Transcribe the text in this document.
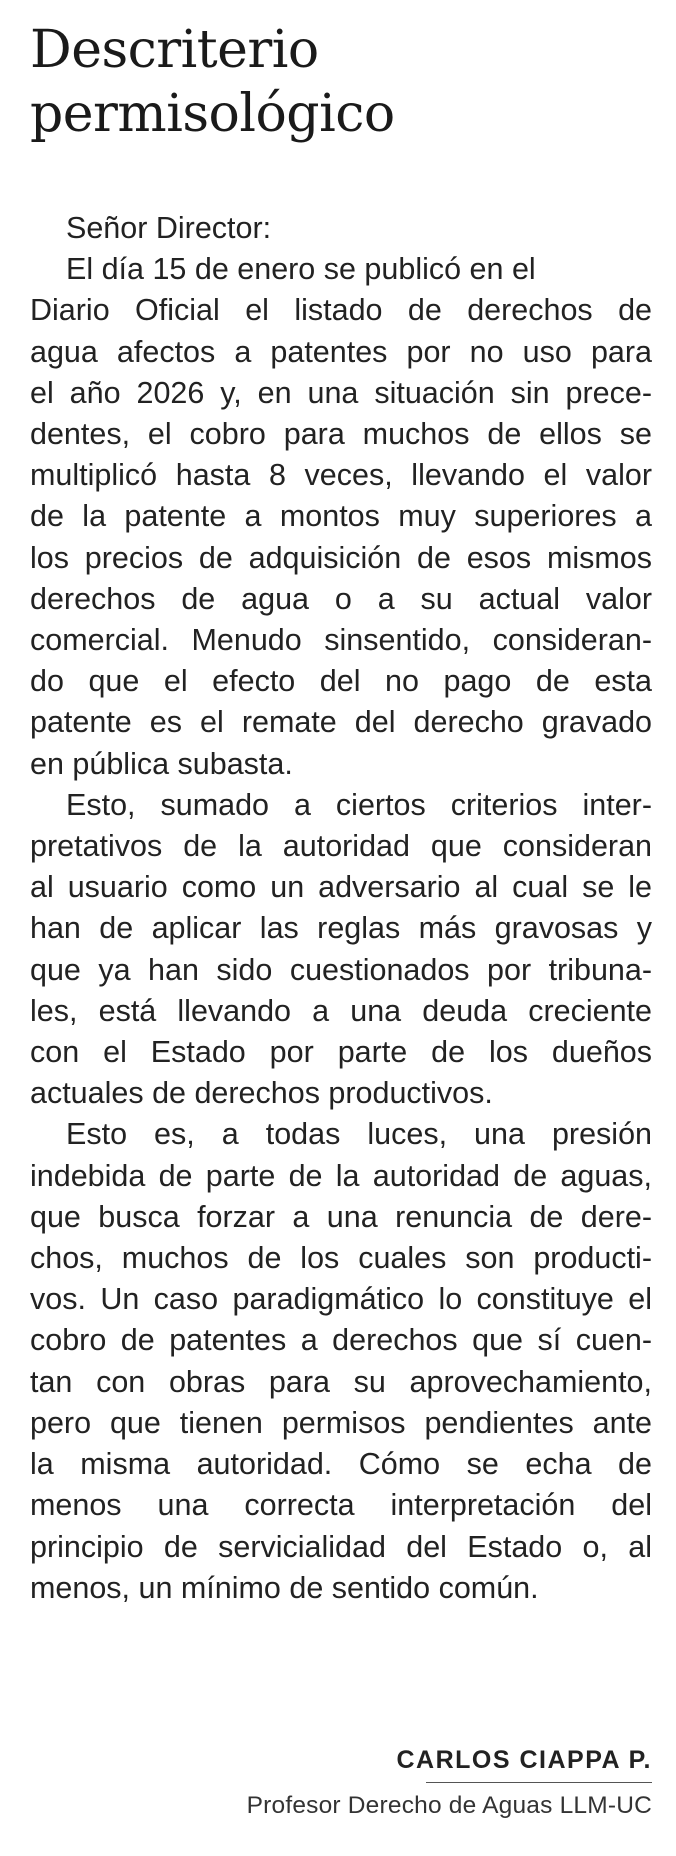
Descriterio
permisológico
Señor Director:
El día 15 de enero se publicó en el
Diario Oficial el listado de derechos de
agua afectos a patentes por no uso para
el año 2026 y, en una situación sin prece-
dentes, el cobro para muchos de ellos se
multiplicó hasta 8 veces, llevando el valor
de la patente a montos muy superiores a
los precios de adquisición de esos mismos
derechos de agua o a su actual valor
comercial. Menudo sinsentido, consideran-
do que el efecto del no pago de esta
patente es el remate del derecho gravado
en pública subasta.
Esto, sumado a ciertos criterios inter-
pretativos de la autoridad que consideran
al usuario como un adversario al cual se le
han de aplicar las reglas más gravosas y
que ya han sido cuestionados por tribuna-
les, está llevando a una deuda creciente
con el Estado por parte de los dueños
actuales de derechos productivos.
Esto es, a todas luces, una presión
indebida de parte de la autoridad de aguas,
que busca forzar a una renuncia de dere-
chos, muchos de los cuales son producti-
vos. Un caso paradigmático lo constituye el
cobro de patentes a derechos que sí cuen-
tan con obras para su aprovechamiento,
pero que tienen permisos pendientes ante
la misma autoridad. Cómo se echa de
menos una correcta interpretación del
principio de servicialidad del Estado o, al
menos, un mínimo de sentido común.
CARLOS CIAPPA P.
Profesor Derecho de Aguas LLM-UC
